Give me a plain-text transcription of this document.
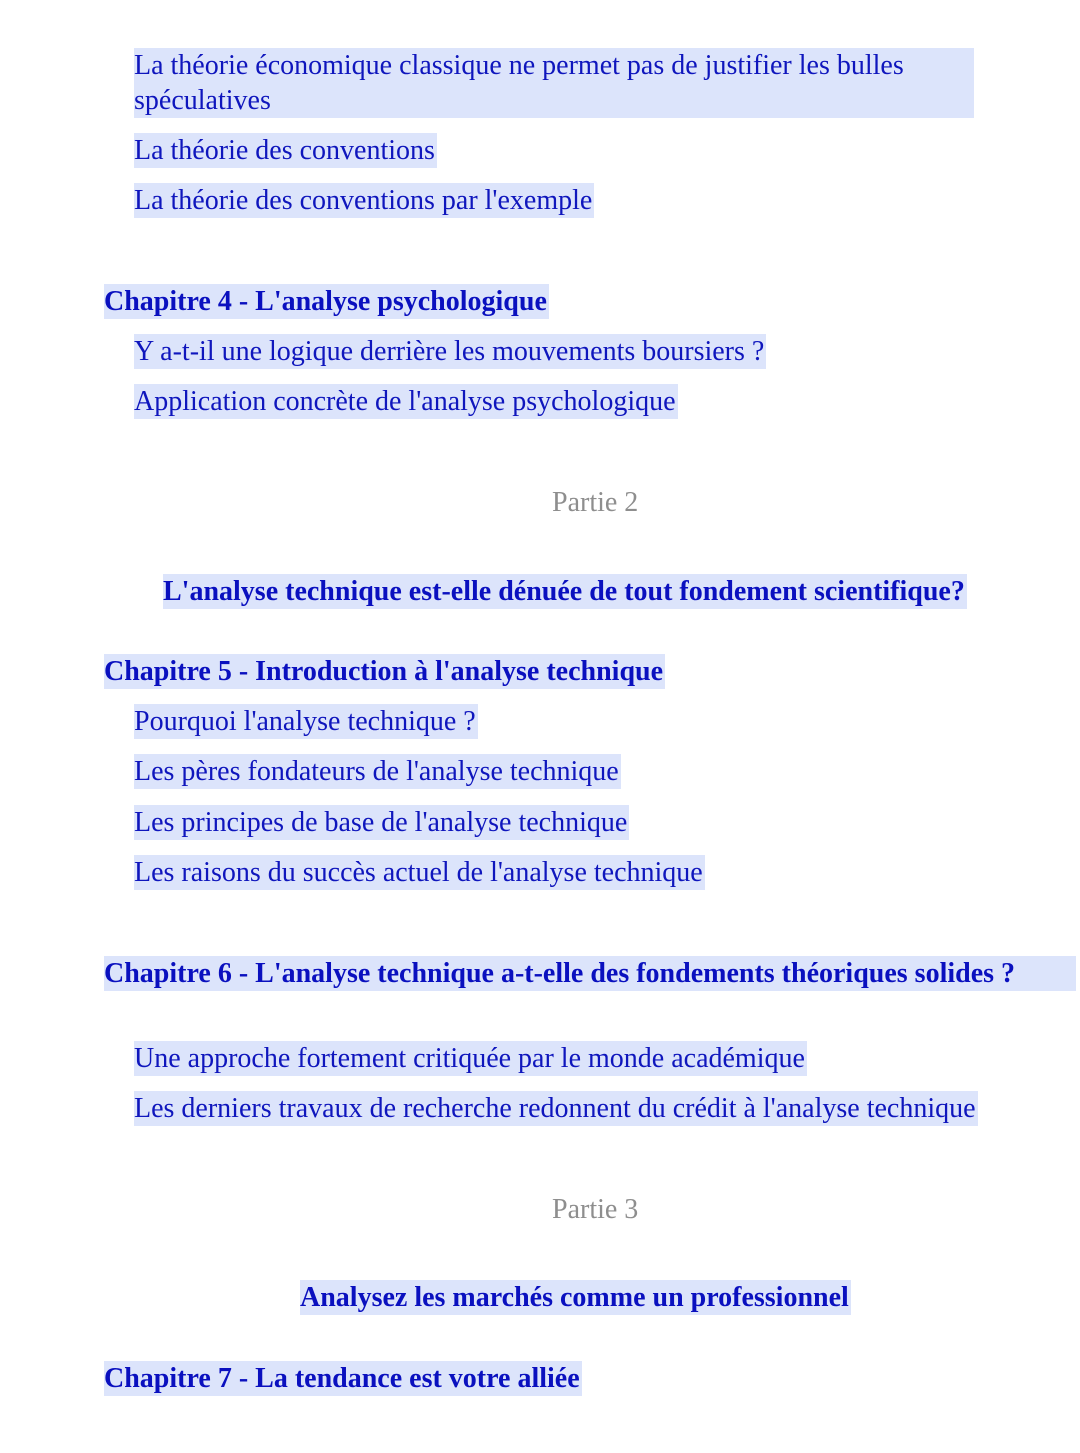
La théorie économique classique ne permet pas de justifier les bulles spéculatives
La théorie des conventions
La théorie des conventions par l'exemple
Chapitre 4 - L'analyse psychologique
Y a-t-il une logique derrière les mouvements boursiers ?
Application concrète de l'analyse psychologique
Partie 2
L'analyse technique est-elle dénuée de tout fondement scientifique?
Chapitre 5 - Introduction à l'analyse technique
Pourquoi l'analyse technique ?
Les pères fondateurs de l'analyse technique
Les principes de base de l'analyse technique
Les raisons du succès actuel de l'analyse technique
Chapitre 6 - L'analyse technique a-t-elle des fondements théoriques solides ?
Une approche fortement critiquée par le monde académique
Les derniers travaux de recherche redonnent du crédit à l'analyse technique
Partie 3
Analysez les marchés comme un professionnel
Chapitre 7 - La tendance est votre alliée
